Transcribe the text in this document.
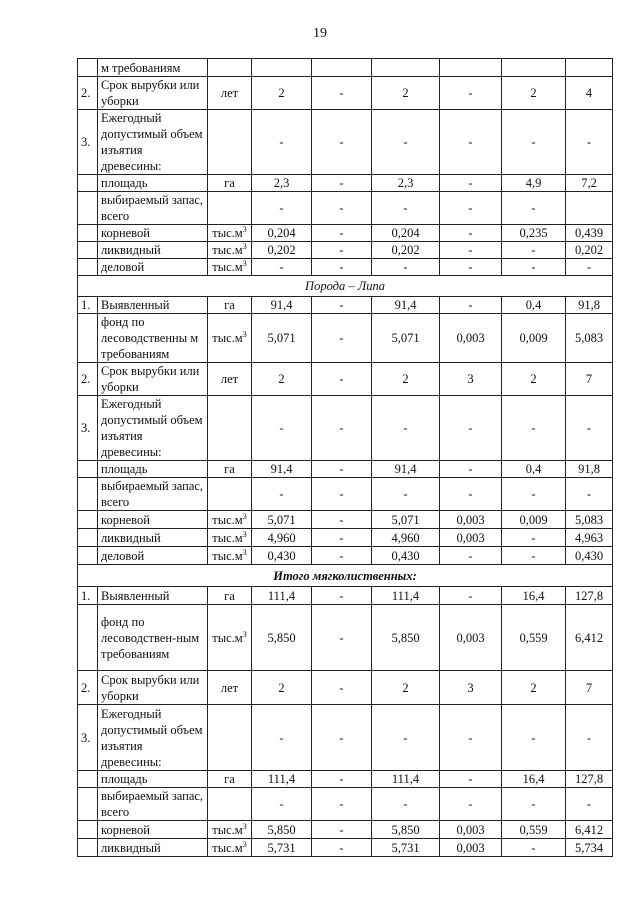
19
	м требованиям							
2.	Срок вырубки или уборки	лет	2	-	2	-	2	4
3.	Ежегодный допустимый объем изъятия древесины:		-	-	-	-	-	-
	площадь	га	2,3	-	2,3	-	4,9	7,2
	выбираемый запас, всего		-	-	-	-	-	
	корневой	$тыс.м^3$	0,204	-	0,204	-	0,235	0,439
	ликвидный	$тыс.м^3$	0,202	-	0,202	-	-	0,202
	деловой	$тыс.м^3$	-	-	-	-	-	-
Порода – Липа								
1.	Выявленный	га	91,4	-	91,4	-	0,4	91,8
	фонд по лесоводственны м требованиям	$тыс.м^3$	5,071	-	5,071	0,003	0,009	5,083
2.	Срок вырубки или уборки	лет	2	-	2	3	2	7
3.	Ежегодный допустимый объем изъятия древесины:		-	-	-	-	-	-
	площадь	га	91,4	-	91,4	-	0,4	91,8
	выбираемый запас, всего		-	-	-	-	-	-
	корневой	$тыс.м^3$	5,071	-	5,071	0,003	0,009	5,083
	ликвидный	$тыс.м^3$	4,960	-	4,960	0,003	-	4,963
	деловой	$тыс.м^3$	0,430	-	0,430	-	-	0,430
Итого мягколиственных:								
1.	Выявленный	га	111,4	-	111,4	-	16,4	127,8
	фонд по лесоводствен-ным требованиям	$тыс.м^3$	5,850	-	5,850	0,003	0,559	6,412
2.	Срок вырубки или уборки	лет	2	-	2	3	2	7
3.	Ежегодный допустимый объем изъятия древесины:		-	-	-	-	-	-
	площадь	га	111,4	-	111,4	-	16,4	127,8
	выбираемый запас, всего		-	-	-	-	-	-
	корневой	$тыс.м^3$	5,850	-	5,850	0,003	0,559	6,412
	ликвидный	$тыс.м^3$	5,731	-	5,731	0,003	-	5,734
